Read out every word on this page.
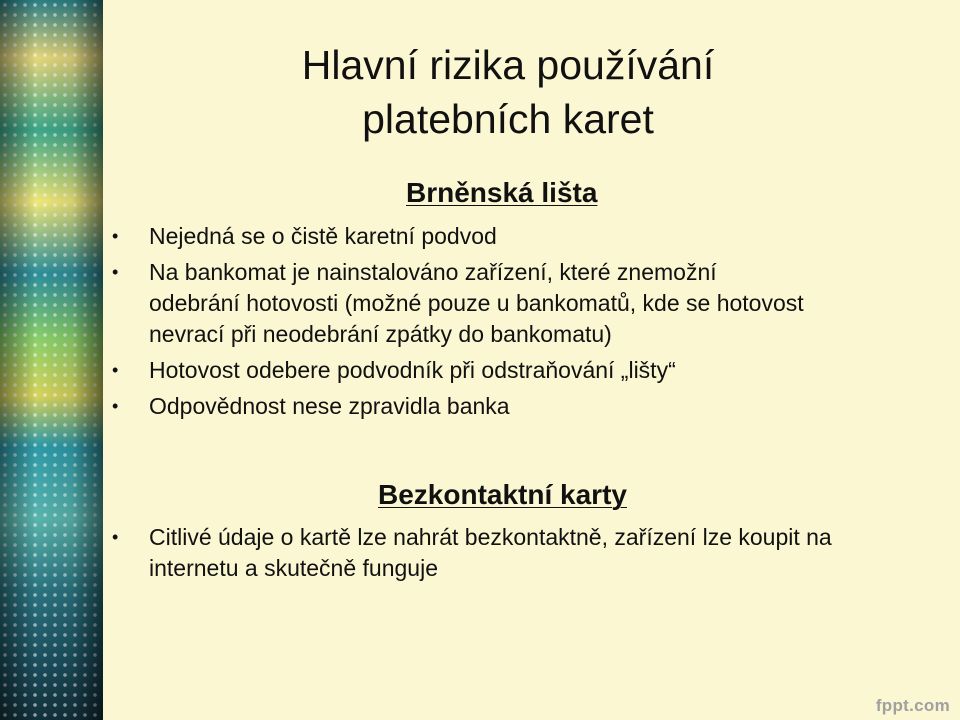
Hlavní rizika používání
platebních karet
Brněnská lišta
• Nejedná se o čistě karetní podvod
• Na bankomat je nainstalováno zařízení, které znemožní odebrání hotovosti (možné pouze u bankomatů, kde se hotovost nevrací při neodebrání zpátky do bankomatu)
• Hotovost odebere podvodník při odstraňování „lišty“
• Odpovědnost nese zpravidla banka
Bezkontaktní karty
• Citlivé údaje o kartě lze nahrát bezkontaktně, zařízení lze koupit na internetu a skutečně funguje
fppt.com
